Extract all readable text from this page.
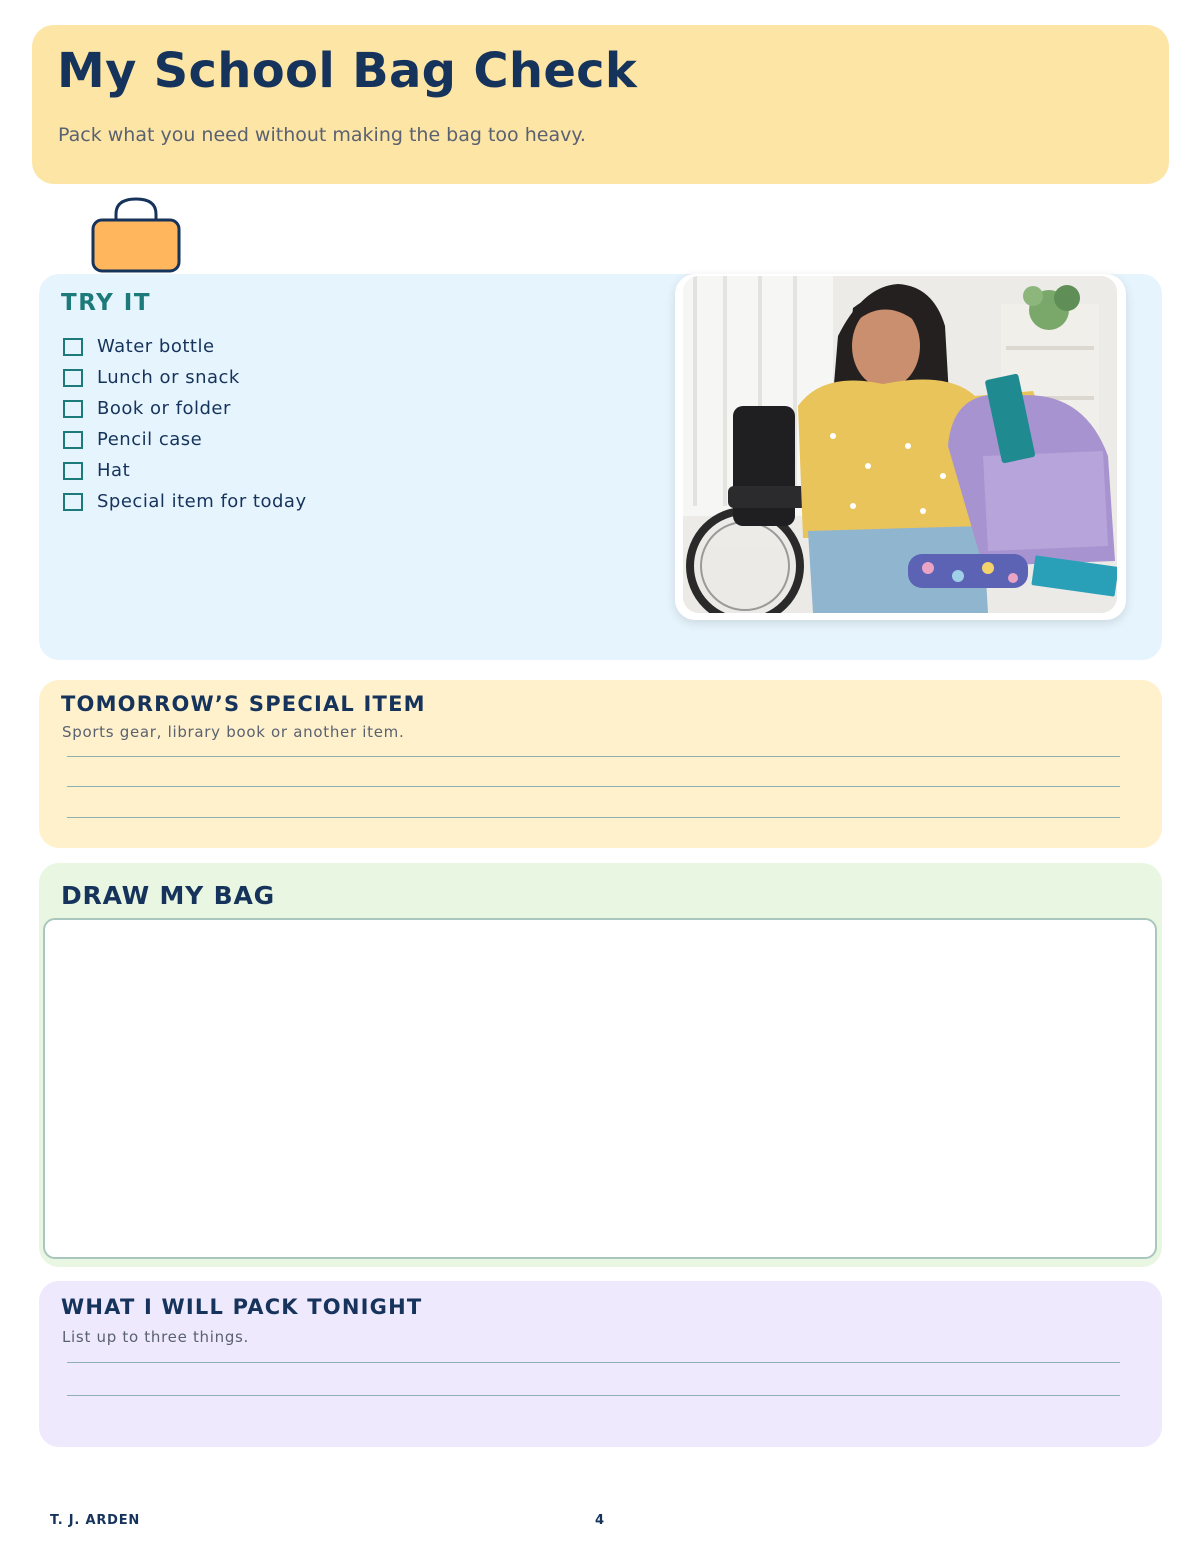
My School Bag Check
Pack what you need without making the bag too heavy.
TRY IT
Water bottle
Lunch or snack
Book or folder
Pencil case
Hat
Special item for today
TOMORROW’S SPECIAL ITEM
Sports gear, library book or another item.
DRAW MY BAG
WHAT I WILL PACK TONIGHT
List up to three things.
T. J. ARDEN	4
